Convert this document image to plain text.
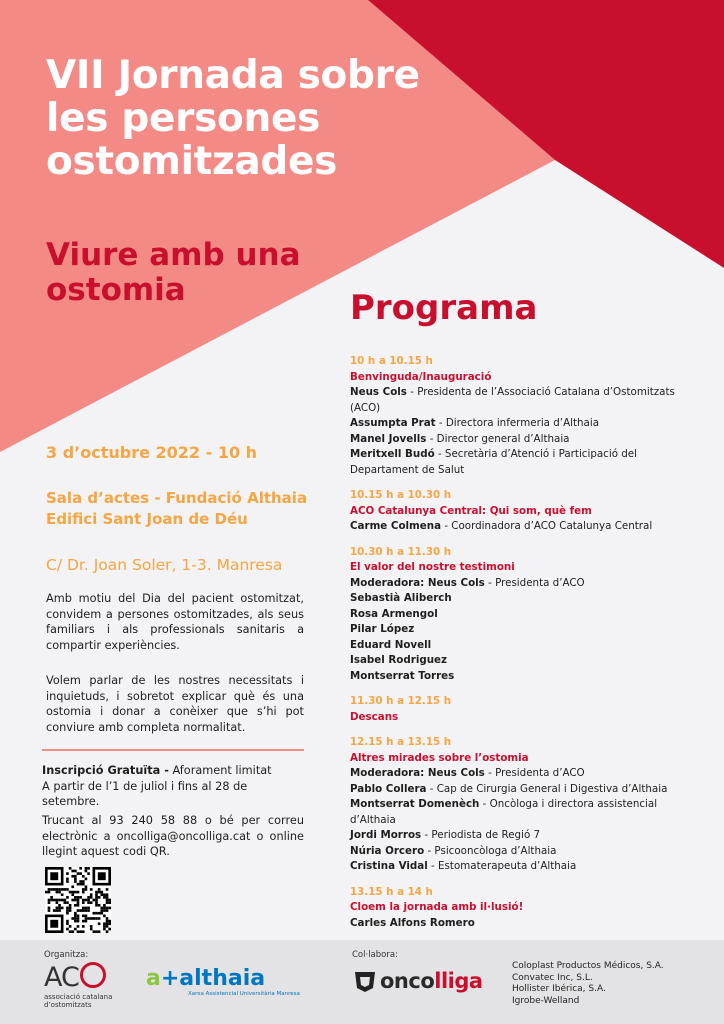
VII Jornada sobre
les persones
ostomitzades
Viure amb una
ostomia	Programa
3 d’octubre 2022 - 10 h
Sala d’actes - Fundació Althaia
Edifici Sant Joan de Déu
C/ Dr. Joan Soler, 1-3. Manresa

Amb motiu del Dia del pacient ostomitzat, convidem a persones ostomitzades, als seus familiars i als professionals sanitaris a compartir experiències.

Volem parlar de les nostres necessitats i inquietuds, i sobretot explicar què és una ostomia i donar a conèixer que s’hi pot conviure amb completa normalitat.

Inscripció Gratuïta - Aforament limitat
A partir de l’1 de juliol i fins al 28 de setembre.
Trucant al 93 240 58 88 o bé per correu electrònic a oncolliga@oncolliga.cat o online llegint aquest codi QR.
10 h a 10.15 h
Benvinguda/Inauguració
Neus Cols - Presidenta de l’Associació Catalana d’Ostomitzats (ACO)
Assumpta Prat - Directora infermeria d’Althaia
Manel Jovells - Director general d’Althaia
Meritxell Budó - Secretària d’Atenció i Participació del Departament de Salut
10.15 h a 10.30 h
ACO Catalunya Central: Qui som, què fem
Carme Colmena - Coordinadora d’ACO Catalunya Central
10.30 h a 11.30 h
El valor del nostre testimoni
Moderadora: Neus Cols - Presidenta d’ACO
Sebastià Aliberch
Rosa Armengol
Pilar López
Eduard Novell
Isabel Rodriguez
Montserrat Torres
11.30 h a 12.15 h
Descans
12.15 h a 13.15 h
Altres mirades sobre l’ostomia
Moderadora: Neus Cols - Presidenta d’ACO
Pablo Collera - Cap de Cirurgia General i Digestiva d’Althaia
Montserrat Domenèch - Oncòloga i directora assistencial d’Althaia
Jordi Morros - Periodista de Regió 7
Núria Orcero - Psicooncòloga d’Althaia
Cristina Vidal - Estomaterapeuta d’Althaia
13.15 h a 14 h
Cloem la jornada amb il·lusió!
Carles Alfons Romero
Organitza:	Col·labora:
AC
associació catalana
d’ostomitzats
a+althaia
Xarxa Assistencial Universitària Manresa
oncolliga
Coloplast Productos Médicos, S.A.
Convatec Inc, S.L.
Hollister Ibérica, S.A.
Igrobe-Welland
